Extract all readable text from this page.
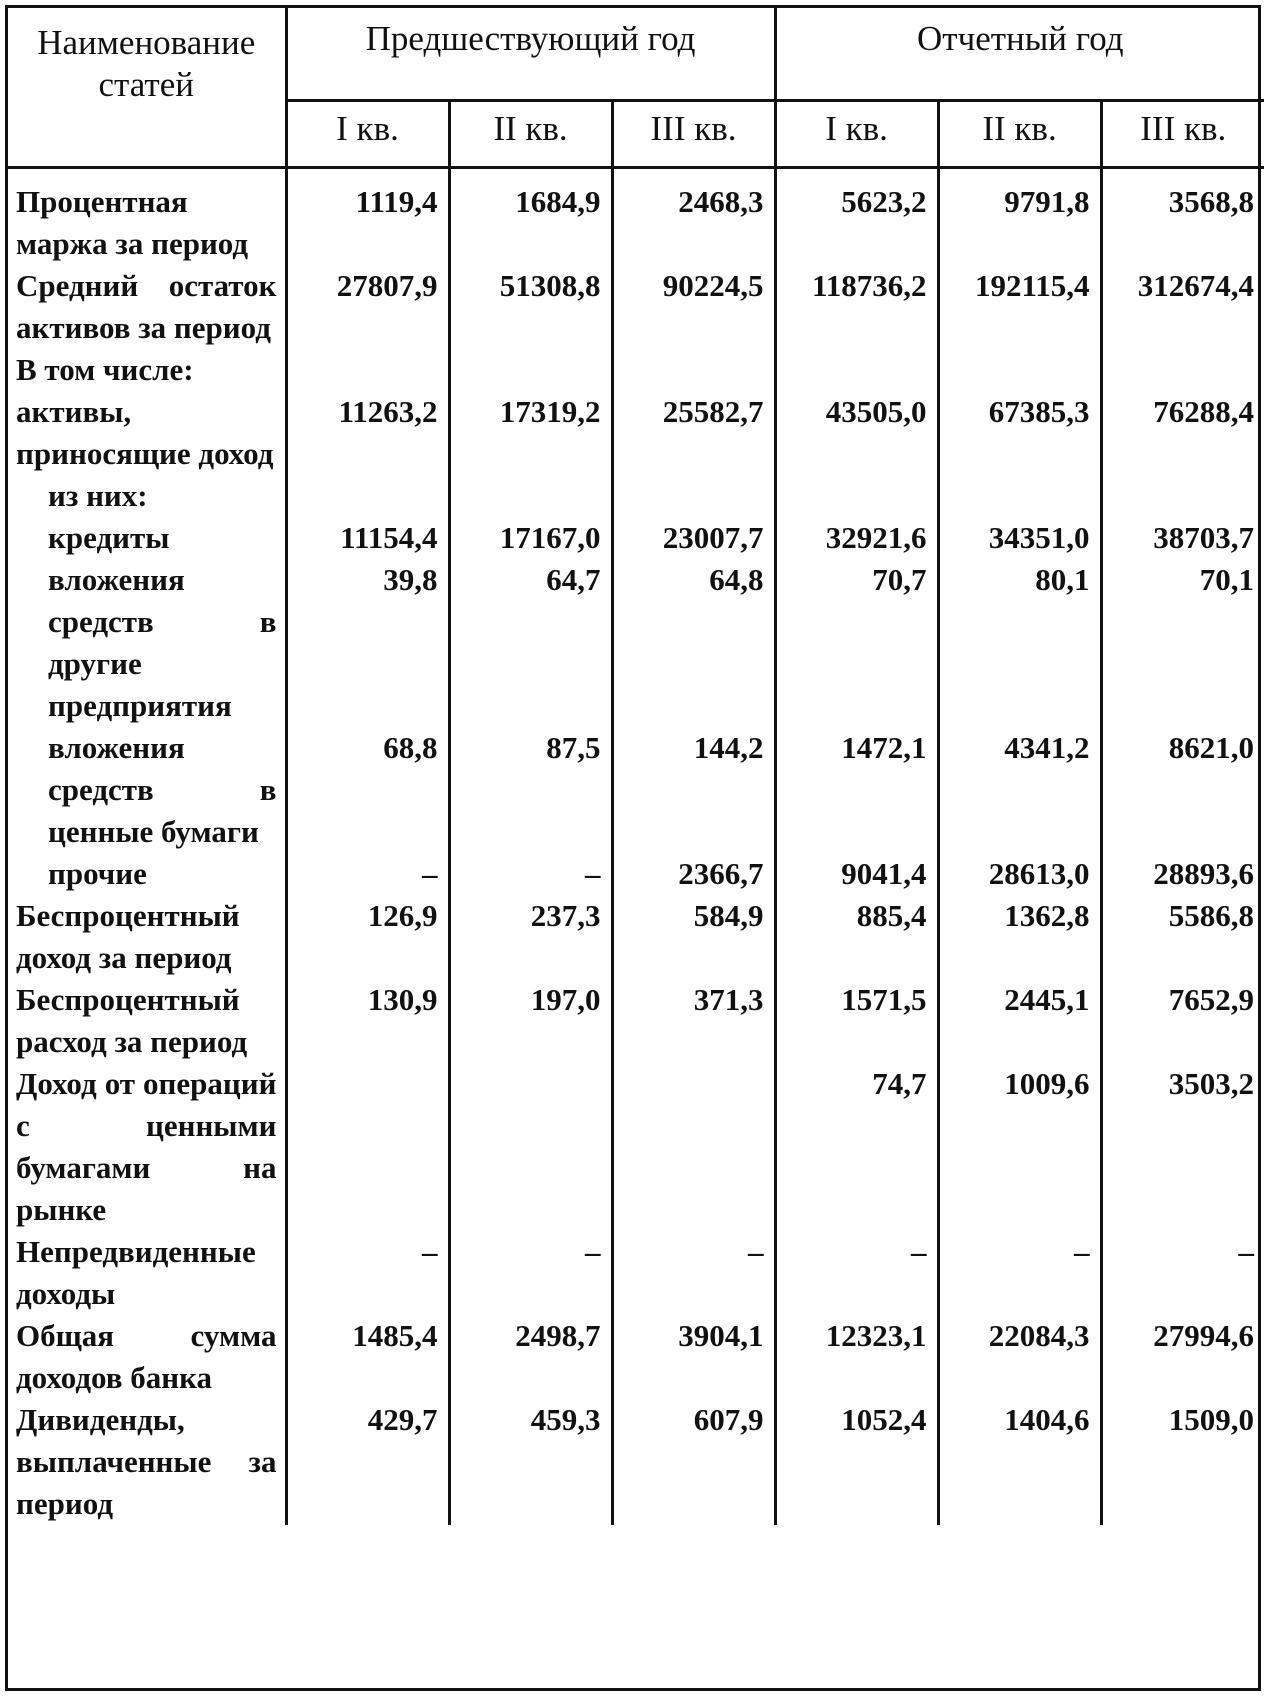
Наименование статей	Предшествующий год			Отчетный год		
	I кв.	II кв.	III кв.	I кв.	II кв.	III кв.
Процентная маржа за период	1119,4	1684,9	2468,3	5623,2	9791,8	3568,8
Средний остаток активов за период	27807,9	51308,8	90224,5	118736,2	192115,4	312674,4
В том числе:						
активы, приносящие доход	11263,2	17319,2	25582,7	43505,0	67385,3	76288,4
из них:						
кредиты	11154,4	17167,0	23007,7	32921,6	34351,0	38703,7
вложения средств в другие предприятия	39,8	64,7	64,8	70,7	80,1	70,1
вложения средств в ценные бумаги	68,8	87,5	144,2	1472,1	4341,2	8621,0
прочие	–	–	2366,7	9041,4	28613,0	28893,6
Беспроцентный доход за период	126,9	237,3	584,9	885,4	1362,8	5586,8
Беспроцентный расход за период	130,9	197,0	371,3	1571,5	2445,1	7652,9
Доход от операций с ценными бумагами на рынке				74,7	1009,6	3503,2
Непредвиденные доходы	–	–	–	–	–	–
Общая сумма доходов банка	1485,4	2498,7	3904,1	12323,1	22084,3	27994,6
Дивиденды, выплаченные за период	429,7	459,3	607,9	1052,4	1404,6	1509,0
